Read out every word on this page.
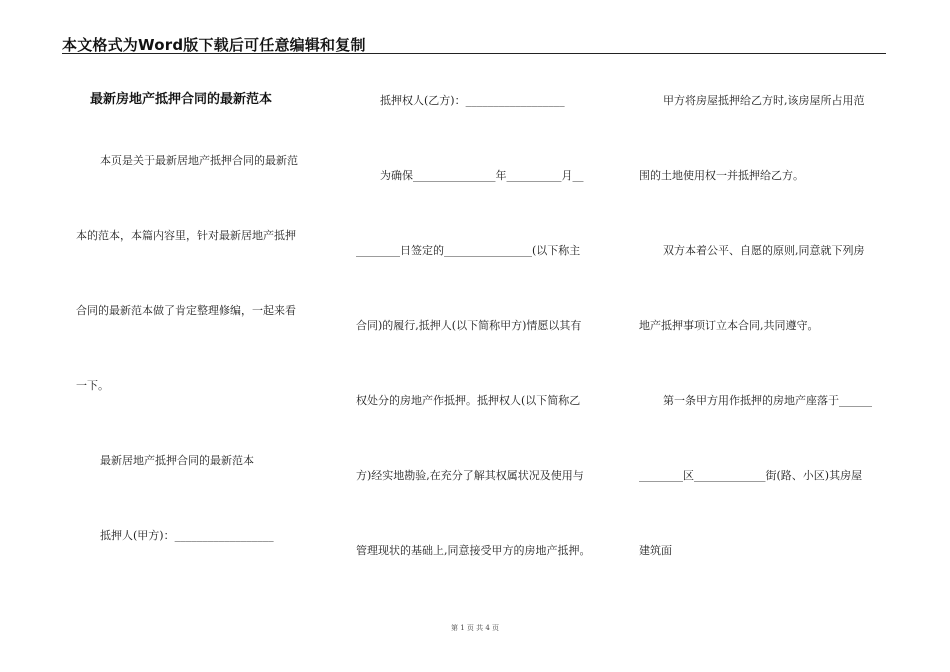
本文格式为Word版下载后可任意编辑和复制
最新房地产抵押合同的最新范本
本页是关于最新居地产抵押合同的最新范
本的范本，本篇内容里，针对最新居地产抵押
合同的最新范本做了肯定整理修编，一起来看
一下。
最新居地产抵押合同的最新范本
抵押人(甲方)：__________________
抵押权人(乙方)：__________________
为确保_______________年__________月__
________日签定的________________(以下称主
合同)的履行,抵押人(以下简称甲方)情愿以其有
权处分的房地产作抵押。抵押权人(以下简称乙
方)经实地勘验,在充分了解其权属状况及使用与
管理现状的基础上,同意接受甲方的房地产抵押。
甲方将房屋抵押给乙方时,该房屋所占用范
围的土地使用权一并抵押给乙方。
双方本着公平、自愿的原则,同意就下列房
地产抵押事项订立本合同,共同遵守。
第一条甲方用作抵押的房地产座落于______
________区_____________街(路、小区)其房屋
建筑面
第 1 页 共 4 页
